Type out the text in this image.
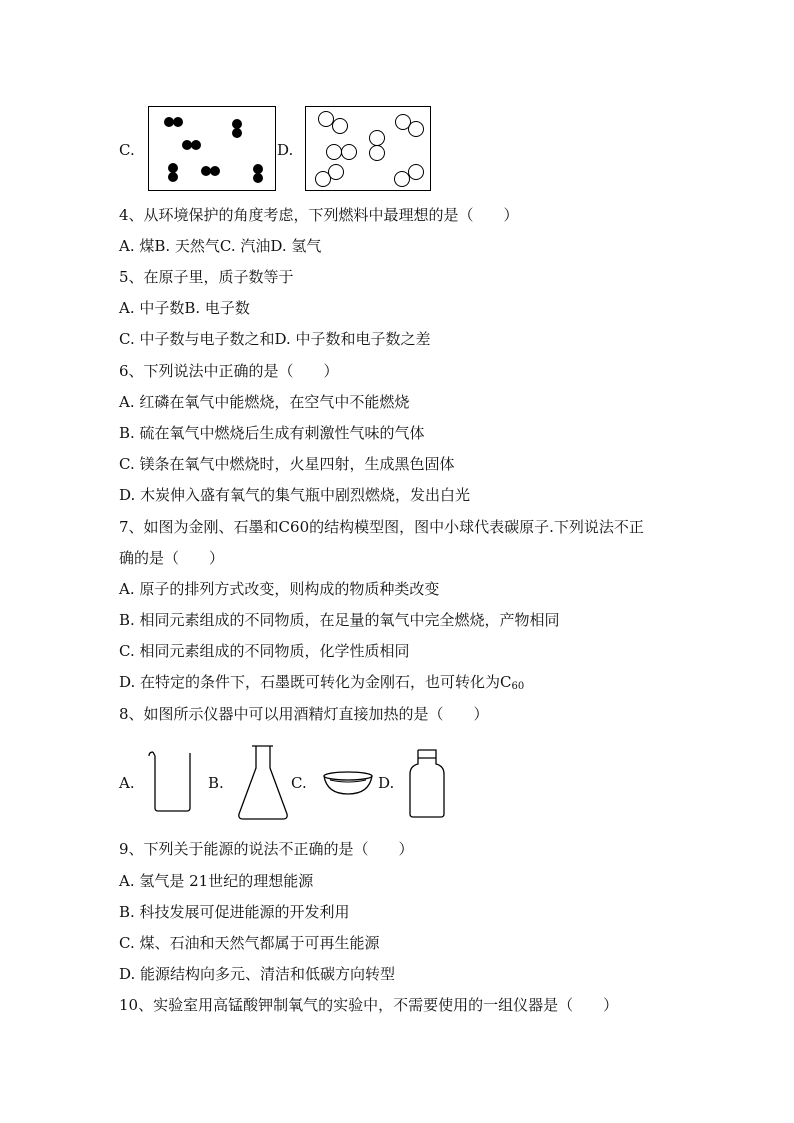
C.	D.
4、从环境保护的角度考虑，下列燃料中最理想的是（　　）
A. 煤B. 天然气C. 汽油D. 氢气
5、在原子里，质子数等于
A. 中子数B. 电子数
C. 中子数与电子数之和D. 中子数和电子数之差
6、下列说法中正确的是（　　）
A. 红磷在氧气中能燃烧，在空气中不能燃烧
B. 硫在氧气中燃烧后生成有刺激性气味的气体
C. 镁条在氧气中燃烧时，火星四射，生成黑色固体
D. 木炭伸入盛有氧气的集气瓶中剧烈燃烧，发出白光
7、如图为金刚、石墨和C60的结构模型图，图中小球代表碳原子.下列说法不正
确的是（　　）
A. 原子的排列方式改变，则构成的物质种类改变
B. 相同元素组成的不同物质，在足量的氧气中完全燃烧，产物相同
C. 相同元素组成的不同物质，化学性质相同
D. 在特定的条件下，石墨既可转化为金刚石，也可转化为$C_{60}$
8、如图所示仪器中可以用酒精灯直接加热的是（　　）
A.	B.	C.	D.
9、下列关于能源的说法不正确的是（　　）
A. 氢气是 21世纪的理想能源
B. 科技发展可促进能源的开发利用
C. 煤、石油和天然气都属于可再生能源
D. 能源结构向多元、清洁和低碳方向转型
10、实验室用高锰酸钾制氧气的实验中，不需要使用的一组仪器是（　　）
